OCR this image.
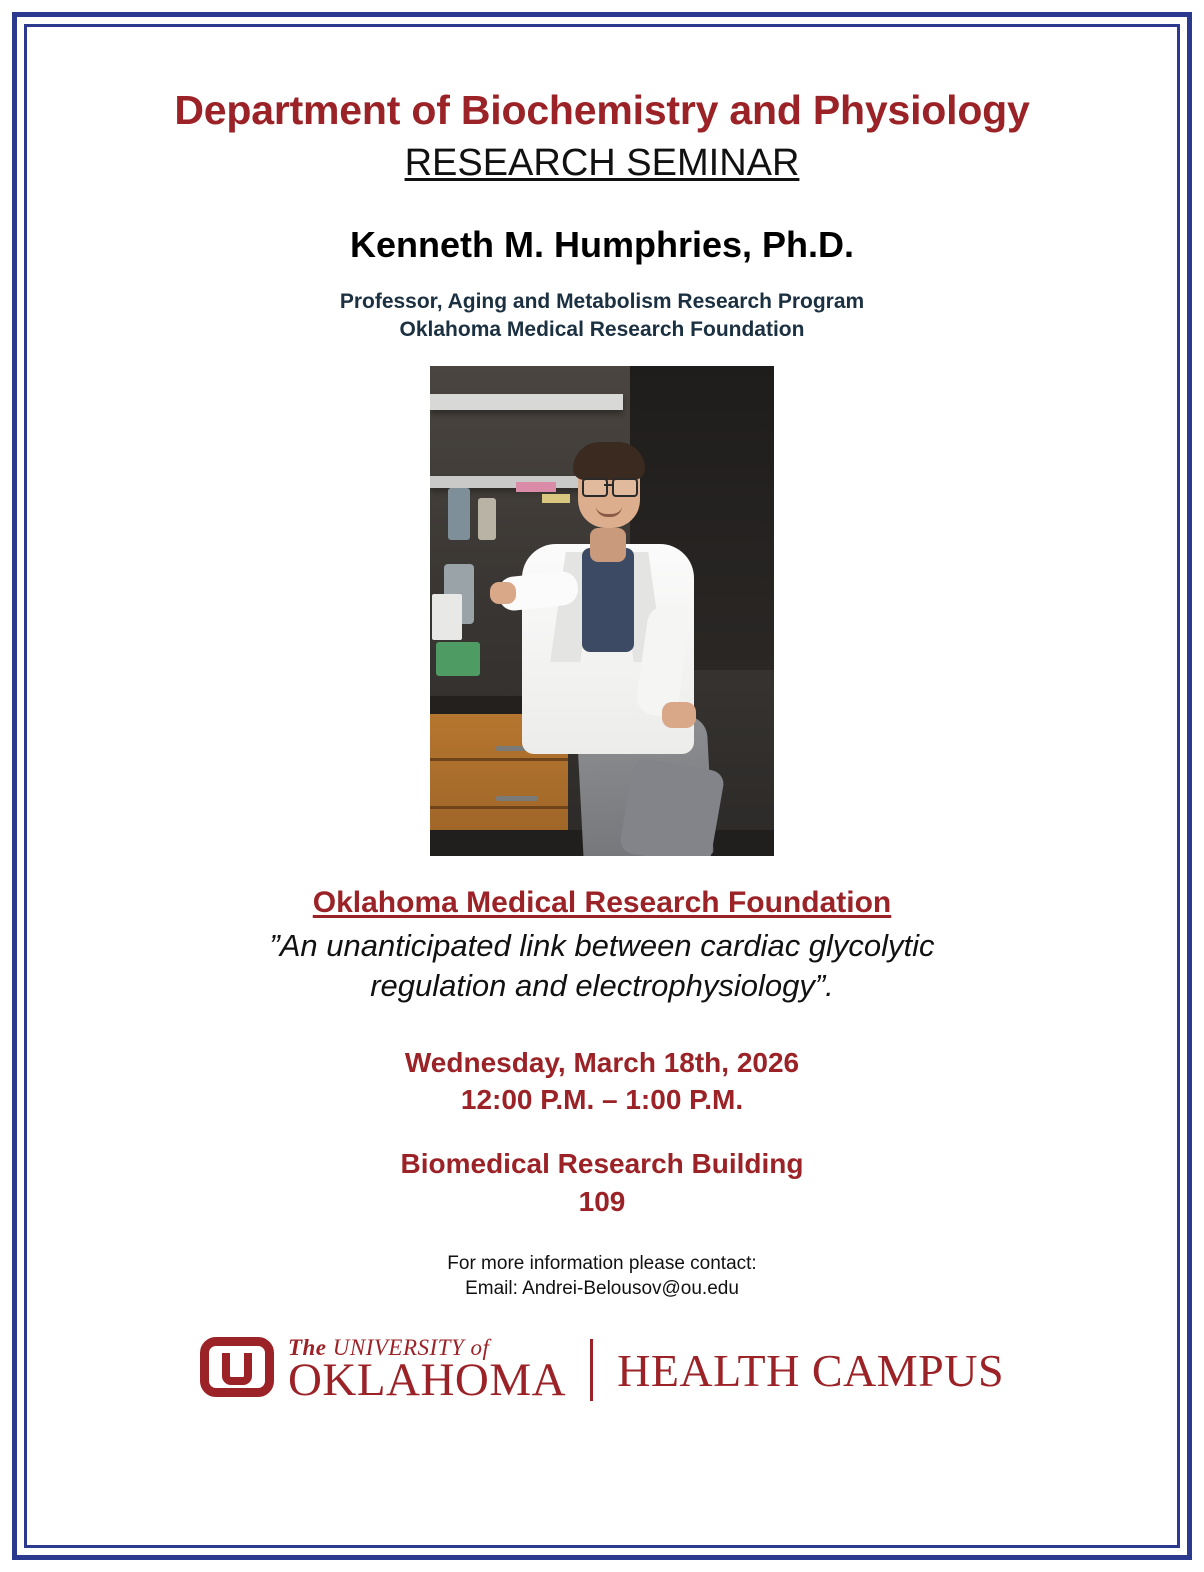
Department of Biochemistry and Physiology
RESEARCH SEMINAR
Kenneth M. Humphries, Ph.D.
Professor, Aging and Metabolism Research Program
Oklahoma Medical Research Foundation
Oklahoma Medical Research Foundation
”An unanticipated link between cardiac glycolytic
regulation and electrophysiology”.
Wednesday, March 18th, 2026
12:00 P.M. – 1:00 P.M.
Biomedical Research Building
109
For more information please contact:
Email: Andrei-Belousov@ou.edu
The UNIVERSITY of
OKLAHOMA HEALTH CAMPUS
